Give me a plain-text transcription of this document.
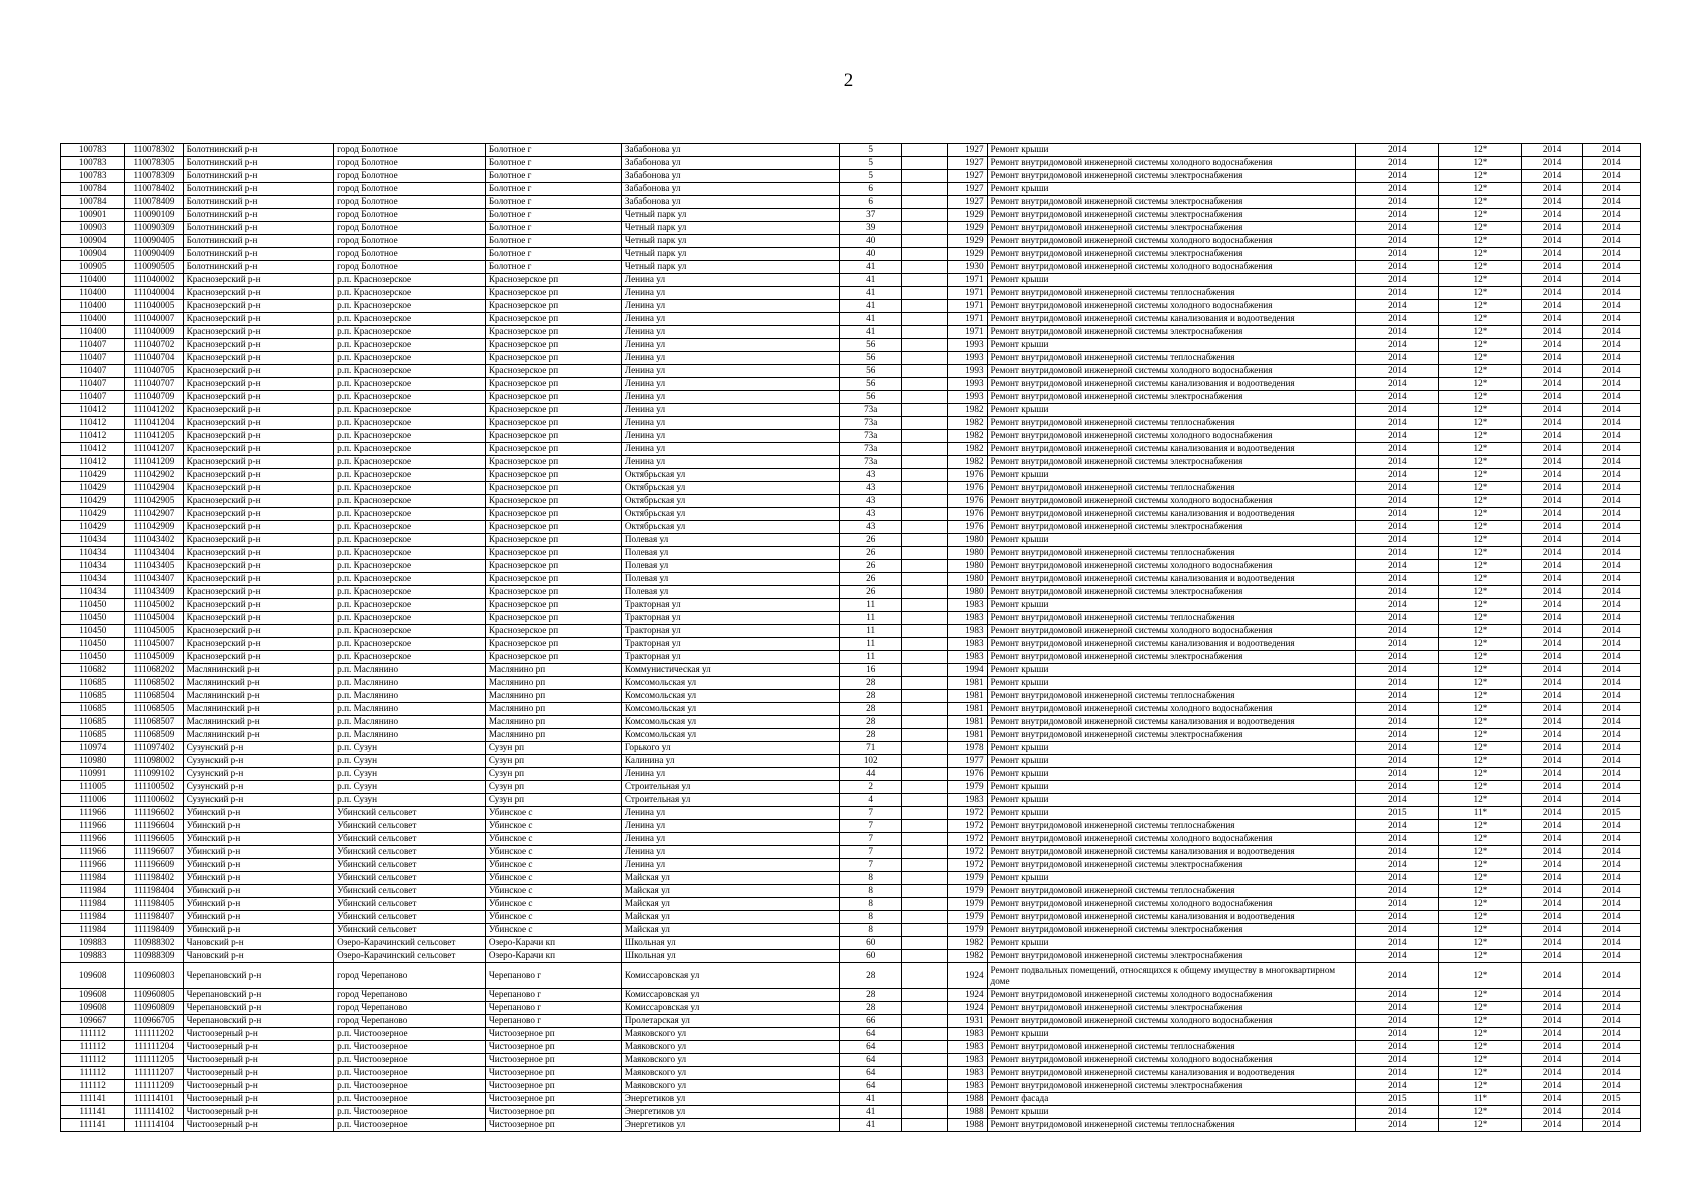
2
100783	110078302	Болотнинский р-н	город Болотное	Болотное г	Забабонова ул	5		1927	Ремонт крыши	2014	12*	2014	2014
100783	110078305	Болотнинский р-н	город Болотное	Болотное г	Забабонова ул	5		1927	Ремонт внутридомовой инженерной системы холодного водоснабжения	2014	12*	2014	2014
100783	110078309	Болотнинский р-н	город Болотное	Болотное г	Забабонова ул	5		1927	Ремонт внутридомовой инженерной системы электроснабжения	2014	12*	2014	2014
100784	110078402	Болотнинский р-н	город Болотное	Болотное г	Забабонова ул	6		1927	Ремонт крыши	2014	12*	2014	2014
100784	110078409	Болотнинский р-н	город Болотное	Болотное г	Забабонова ул	6		1927	Ремонт внутридомовой инженерной системы электроснабжения	2014	12*	2014	2014
100901	110090109	Болотнинский р-н	город Болотное	Болотное г	Четный парк ул	37		1929	Ремонт внутридомовой инженерной системы электроснабжения	2014	12*	2014	2014
100903	110090309	Болотнинский р-н	город Болотное	Болотное г	Четный парк ул	39		1929	Ремонт внутридомовой инженерной системы электроснабжения	2014	12*	2014	2014
100904	110090405	Болотнинский р-н	город Болотное	Болотное г	Четный парк ул	40		1929	Ремонт внутридомовой инженерной системы холодного водоснабжения	2014	12*	2014	2014
100904	110090409	Болотнинский р-н	город Болотное	Болотное г	Четный парк ул	40		1929	Ремонт внутридомовой инженерной системы электроснабжения	2014	12*	2014	2014
100905	110090505	Болотнинский р-н	город Болотное	Болотное г	Четный парк ул	41		1930	Ремонт внутридомовой инженерной системы холодного водоснабжения	2014	12*	2014	2014
110400	111040002	Краснозерский р-н	р.п. Краснозерское	Краснозерское рп	Ленина ул	41		1971	Ремонт крыши	2014	12*	2014	2014
110400	111040004	Краснозерский р-н	р.п. Краснозерское	Краснозерское рп	Ленина ул	41		1971	Ремонт внутридомовой инженерной системы теплоснабжения	2014	12*	2014	2014
110400	111040005	Краснозерский р-н	р.п. Краснозерское	Краснозерское рп	Ленина ул	41		1971	Ремонт внутридомовой инженерной системы холодного водоснабжения	2014	12*	2014	2014
110400	111040007	Краснозерский р-н	р.п. Краснозерское	Краснозерское рп	Ленина ул	41		1971	Ремонт внутридомовой инженерной системы канализования и водоотведения	2014	12*	2014	2014
110400	111040009	Краснозерский р-н	р.п. Краснозерское	Краснозерское рп	Ленина ул	41		1971	Ремонт внутридомовой инженерной системы электроснабжения	2014	12*	2014	2014
110407	111040702	Краснозерский р-н	р.п. Краснозерское	Краснозерское рп	Ленина ул	56		1993	Ремонт крыши	2014	12*	2014	2014
110407	111040704	Краснозерский р-н	р.п. Краснозерское	Краснозерское рп	Ленина ул	56		1993	Ремонт внутридомовой инженерной системы теплоснабжения	2014	12*	2014	2014
110407	111040705	Краснозерский р-н	р.п. Краснозерское	Краснозерское рп	Ленина ул	56		1993	Ремонт внутридомовой инженерной системы холодного водоснабжения	2014	12*	2014	2014
110407	111040707	Краснозерский р-н	р.п. Краснозерское	Краснозерское рп	Ленина ул	56		1993	Ремонт внутридомовой инженерной системы канализования и водоотведения	2014	12*	2014	2014
110407	111040709	Краснозерский р-н	р.п. Краснозерское	Краснозерское рп	Ленина ул	56		1993	Ремонт внутридомовой инженерной системы электроснабжения	2014	12*	2014	2014
110412	111041202	Краснозерский р-н	р.п. Краснозерское	Краснозерское рп	Ленина ул	73а		1982	Ремонт крыши	2014	12*	2014	2014
110412	111041204	Краснозерский р-н	р.п. Краснозерское	Краснозерское рп	Ленина ул	73а		1982	Ремонт внутридомовой инженерной системы теплоснабжения	2014	12*	2014	2014
110412	111041205	Краснозерский р-н	р.п. Краснозерское	Краснозерское рп	Ленина ул	73а		1982	Ремонт внутридомовой инженерной системы холодного водоснабжения	2014	12*	2014	2014
110412	111041207	Краснозерский р-н	р.п. Краснозерское	Краснозерское рп	Ленина ул	73а		1982	Ремонт внутридомовой инженерной системы канализования и водоотведения	2014	12*	2014	2014
110412	111041209	Краснозерский р-н	р.п. Краснозерское	Краснозерское рп	Ленина ул	73а		1982	Ремонт внутридомовой инженерной системы электроснабжения	2014	12*	2014	2014
110429	111042902	Краснозерский р-н	р.п. Краснозерское	Краснозерское рп	Октябрьская ул	43		1976	Ремонт крыши	2014	12*	2014	2014
110429	111042904	Краснозерский р-н	р.п. Краснозерское	Краснозерское рп	Октябрьская ул	43		1976	Ремонт внутридомовой инженерной системы теплоснабжения	2014	12*	2014	2014
110429	111042905	Краснозерский р-н	р.п. Краснозерское	Краснозерское рп	Октябрьская ул	43		1976	Ремонт внутридомовой инженерной системы холодного водоснабжения	2014	12*	2014	2014
110429	111042907	Краснозерский р-н	р.п. Краснозерское	Краснозерское рп	Октябрьская ул	43		1976	Ремонт внутридомовой инженерной системы канализования и водоотведения	2014	12*	2014	2014
110429	111042909	Краснозерский р-н	р.п. Краснозерское	Краснозерское рп	Октябрьская ул	43		1976	Ремонт внутридомовой инженерной системы электроснабжения	2014	12*	2014	2014
110434	111043402	Краснозерский р-н	р.п. Краснозерское	Краснозерское рп	Полевая ул	26		1980	Ремонт крыши	2014	12*	2014	2014
110434	111043404	Краснозерский р-н	р.п. Краснозерское	Краснозерское рп	Полевая ул	26		1980	Ремонт внутридомовой инженерной системы теплоснабжения	2014	12*	2014	2014
110434	111043405	Краснозерский р-н	р.п. Краснозерское	Краснозерское рп	Полевая ул	26		1980	Ремонт внутридомовой инженерной системы холодного водоснабжения	2014	12*	2014	2014
110434	111043407	Краснозерский р-н	р.п. Краснозерское	Краснозерское рп	Полевая ул	26		1980	Ремонт внутридомовой инженерной системы канализования и водоотведения	2014	12*	2014	2014
110434	111043409	Краснозерский р-н	р.п. Краснозерское	Краснозерское рп	Полевая ул	26		1980	Ремонт внутридомовой инженерной системы электроснабжения	2014	12*	2014	2014
110450	111045002	Краснозерский р-н	р.п. Краснозерское	Краснозерское рп	Тракторная ул	11		1983	Ремонт крыши	2014	12*	2014	2014
110450	111045004	Краснозерский р-н	р.п. Краснозерское	Краснозерское рп	Тракторная ул	11		1983	Ремонт внутридомовой инженерной системы теплоснабжения	2014	12*	2014	2014
110450	111045005	Краснозерский р-н	р.п. Краснозерское	Краснозерское рп	Тракторная ул	11		1983	Ремонт внутридомовой инженерной системы холодного водоснабжения	2014	12*	2014	2014
110450	111045007	Краснозерский р-н	р.п. Краснозерское	Краснозерское рп	Тракторная ул	11		1983	Ремонт внутридомовой инженерной системы канализования и водоотведения	2014	12*	2014	2014
110450	111045009	Краснозерский р-н	р.п. Краснозерское	Краснозерское рп	Тракторная ул	11		1983	Ремонт внутридомовой инженерной системы электроснабжения	2014	12*	2014	2014
110682	111068202	Маслянинский р-н	р.п. Маслянино	Маслянино рп	Коммунистическая ул	16		1994	Ремонт крыши	2014	12*	2014	2014
110685	111068502	Маслянинский р-н	р.п. Маслянино	Маслянино рп	Комсомольская ул	28		1981	Ремонт крыши	2014	12*	2014	2014
110685	111068504	Маслянинский р-н	р.п. Маслянино	Маслянино рп	Комсомольская ул	28		1981	Ремонт внутридомовой инженерной системы теплоснабжения	2014	12*	2014	2014
110685	111068505	Маслянинский р-н	р.п. Маслянино	Маслянино рп	Комсомольская ул	28		1981	Ремонт внутридомовой инженерной системы холодного водоснабжения	2014	12*	2014	2014
110685	111068507	Маслянинский р-н	р.п. Маслянино	Маслянино рп	Комсомольская ул	28		1981	Ремонт внутридомовой инженерной системы канализования и водоотведения	2014	12*	2014	2014
110685	111068509	Маслянинский р-н	р.п. Маслянино	Маслянино рп	Комсомольская ул	28		1981	Ремонт внутридомовой инженерной системы электроснабжения	2014	12*	2014	2014
110974	111097402	Сузунский р-н	р.п. Сузун	Сузун рп	Горького ул	71		1978	Ремонт крыши	2014	12*	2014	2014
110980	111098002	Сузунский р-н	р.п. Сузун	Сузун рп	Калинина ул	102		1977	Ремонт крыши	2014	12*	2014	2014
110991	111099102	Сузунский р-н	р.п. Сузун	Сузун рп	Ленина ул	44		1976	Ремонт крыши	2014	12*	2014	2014
111005	111100502	Сузунский р-н	р.п. Сузун	Сузун рп	Строительная ул	2		1979	Ремонт крыши	2014	12*	2014	2014
111006	111100602	Сузунский р-н	р.п. Сузун	Сузун рп	Строительная ул	4		1983	Ремонт крыши	2014	12*	2014	2014
111966	111196602	Убинский р-н	Убинский сельсовет	Убинское с	Ленина ул	7		1972	Ремонт крыши	2015	11*	2014	2015
111966	111196604	Убинский р-н	Убинский сельсовет	Убинское с	Ленина ул	7		1972	Ремонт внутридомовой инженерной системы теплоснабжения	2014	12*	2014	2014
111966	111196605	Убинский р-н	Убинский сельсовет	Убинское с	Ленина ул	7		1972	Ремонт внутридомовой инженерной системы холодного водоснабжения	2014	12*	2014	2014
111966	111196607	Убинский р-н	Убинский сельсовет	Убинское с	Ленина ул	7		1972	Ремонт внутридомовой инженерной системы канализования и водоотведения	2014	12*	2014	2014
111966	111196609	Убинский р-н	Убинский сельсовет	Убинское с	Ленина ул	7		1972	Ремонт внутридомовой инженерной системы электроснабжения	2014	12*	2014	2014
111984	111198402	Убинский р-н	Убинский сельсовет	Убинское с	Майская ул	8		1979	Ремонт крыши	2014	12*	2014	2014
111984	111198404	Убинский р-н	Убинский сельсовет	Убинское с	Майская ул	8		1979	Ремонт внутридомовой инженерной системы теплоснабжения	2014	12*	2014	2014
111984	111198405	Убинский р-н	Убинский сельсовет	Убинское с	Майская ул	8		1979	Ремонт внутридомовой инженерной системы холодного водоснабжения	2014	12*	2014	2014
111984	111198407	Убинский р-н	Убинский сельсовет	Убинское с	Майская ул	8		1979	Ремонт внутридомовой инженерной системы канализования и водоотведения	2014	12*	2014	2014
111984	111198409	Убинский р-н	Убинский сельсовет	Убинское с	Майская ул	8		1979	Ремонт внутридомовой инженерной системы электроснабжения	2014	12*	2014	2014
109883	110988302	Чановский р-н	Озеро-Карачинский сельсовет	Озеро-Карачи кп	Школьная ул	60		1982	Ремонт крыши	2014	12*	2014	2014
109883	110988309	Чановский р-н	Озеро-Карачинский сельсовет	Озеро-Карачи кп	Школьная ул	60		1982	Ремонт внутридомовой инженерной системы электроснабжения	2014	12*	2014	2014
109608	110960803	Черепановский р-н	город Черепаново	Черепаново г	Комиссаровская ул	28		1924	Ремонт подвальных помещений, относящихся к общему имуществу в многоквартирном доме	2014	12*	2014	2014
109608	110960805	Черепановский р-н	город Черепаново	Черепаново г	Комиссаровская ул	28		1924	Ремонт внутридомовой инженерной системы холодного водоснабжения	2014	12*	2014	2014
109608	110960809	Черепановский р-н	город Черепаново	Черепаново г	Комиссаровская ул	28		1924	Ремонт внутридомовой инженерной системы электроснабжения	2014	12*	2014	2014
109667	110966705	Черепановский р-н	город Черепаново	Черепаново г	Пролетарская ул	66		1931	Ремонт внутридомовой инженерной системы холодного водоснабжения	2014	12*	2014	2014
111112	111111202	Чистоозерный р-н	р.п. Чистоозерное	Чистоозерное рп	Маяковского ул	64		1983	Ремонт крыши	2014	12*	2014	2014
111112	111111204	Чистоозерный р-н	р.п. Чистоозерное	Чистоозерное рп	Маяковского ул	64		1983	Ремонт внутридомовой инженерной системы теплоснабжения	2014	12*	2014	2014
111112	111111205	Чистоозерный р-н	р.п. Чистоозерное	Чистоозерное рп	Маяковского ул	64		1983	Ремонт внутридомовой инженерной системы холодного водоснабжения	2014	12*	2014	2014
111112	111111207	Чистоозерный р-н	р.п. Чистоозерное	Чистоозерное рп	Маяковского ул	64		1983	Ремонт внутридомовой инженерной системы канализования и водоотведения	2014	12*	2014	2014
111112	111111209	Чистоозерный р-н	р.п. Чистоозерное	Чистоозерное рп	Маяковского ул	64		1983	Ремонт внутридомовой инженерной системы электроснабжения	2014	12*	2014	2014
111141	111114101	Чистоозерный р-н	р.п. Чистоозерное	Чистоозерное рп	Энергетиков ул	41		1988	Ремонт фасада	2015	11*	2014	2015
111141	111114102	Чистоозерный р-н	р.п. Чистоозерное	Чистоозерное рп	Энергетиков ул	41		1988	Ремонт крыши	2014	12*	2014	2014
111141	111114104	Чистоозерный р-н	р.п. Чистоозерное	Чистоозерное рп	Энергетиков ул	41		1988	Ремонт внутридомовой инженерной системы теплоснабжения	2014	12*	2014	2014
